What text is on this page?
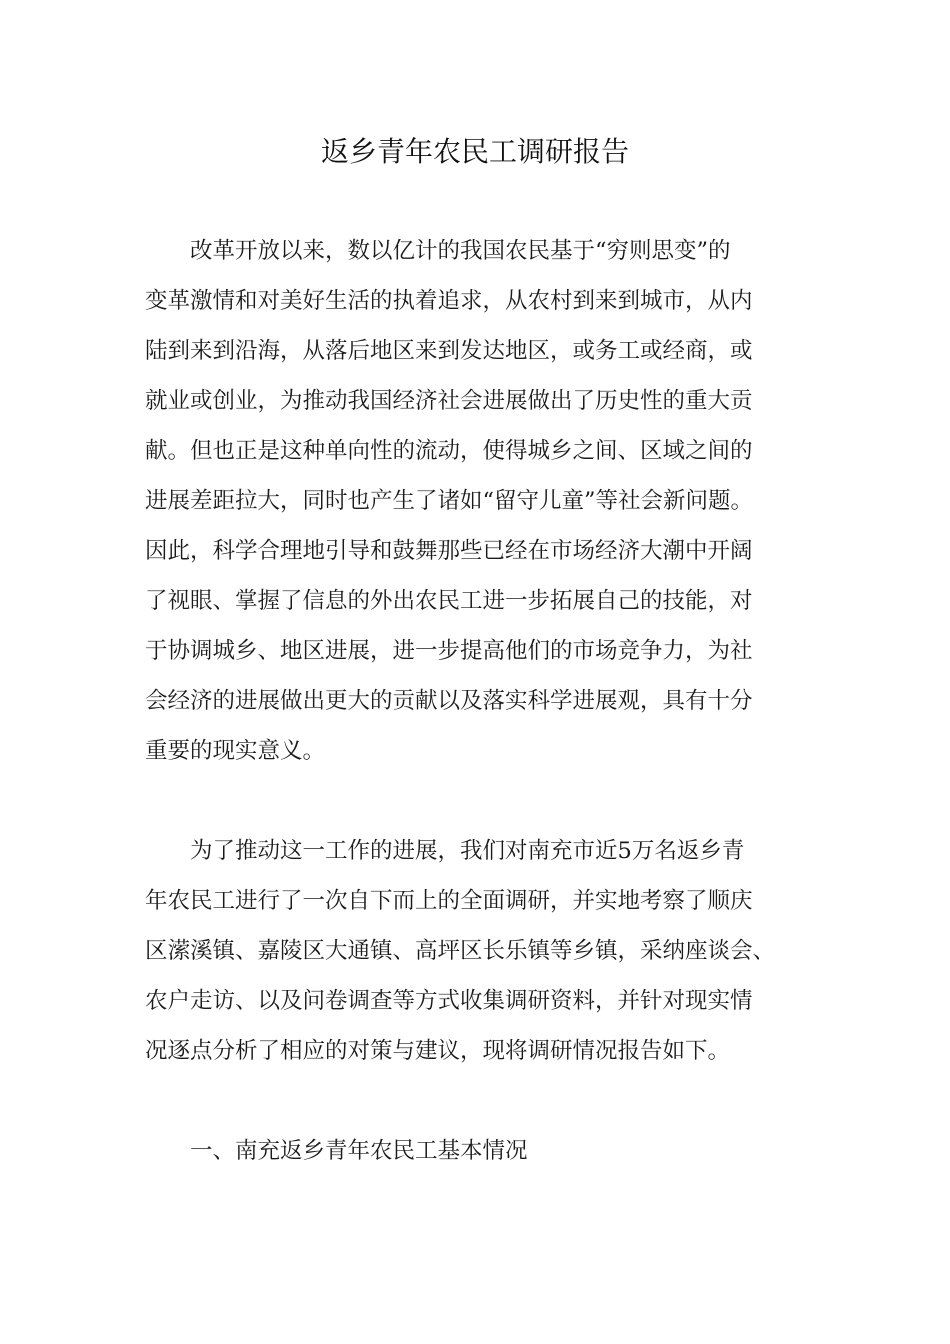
返乡青年农民工调研报告
改革开放以来，数以亿计的我国农民基于“穷则思变”的
变革激情和对美好生活的执着追求，从农村到来到城市，从内
陆到来到沿海，从落后地区来到发达地区，或务工或经商，或
就业或创业，为推动我国经济社会进展做出了历史性的重大贡
献。但也正是这种单向性的流动，使得城乡之间、区域之间的
进展差距拉大，同时也产生了诸如“留守儿童”等社会新问题。
因此，科学合理地引导和鼓舞那些已经在市场经济大潮中开阔
了视眼、掌握了信息的外出农民工进一步拓展自己的技能，对
于协调城乡、地区进展，进一步提高他们的市场竞争力，为社
会经济的进展做出更大的贡献以及落实科学进展观，具有十分
重要的现实意义。
为了推动这一工作的进展，我们对南充市近5万名返乡青
年农民工进行了一次自下而上的全面调研，并实地考察了顺庆
区潆溪镇、嘉陵区大通镇、高坪区长乐镇等乡镇，采纳座谈会、
农户走访、以及问卷调查等方式收集调研资料，并针对现实情
况逐点分析了相应的对策与建议，现将调研情况报告如下。
一、南充返乡青年农民工基本情况
